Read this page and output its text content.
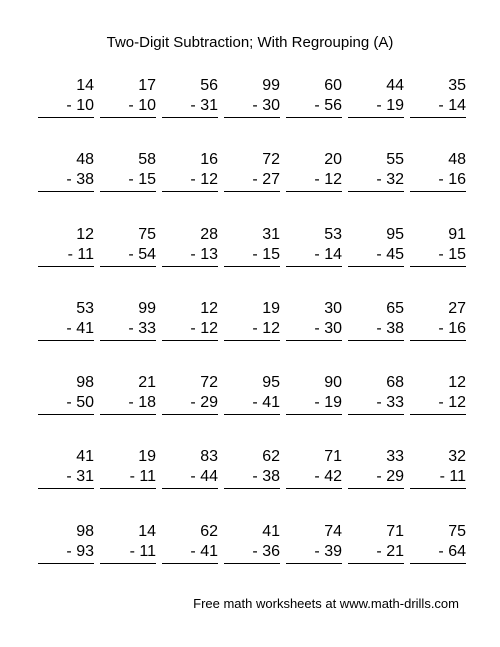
Two-Digit Subtraction; With Regrouping (A)
14
- 10
17
- 10
56
- 31
99
- 30
60
- 56
44
- 19
35
- 14
48
- 38
58
- 15
16
- 12
72
- 27
20
- 12
55
- 32
48
- 16
12
- 11
75
- 54
28
- 13
31
- 15
53
- 14
95
- 45
91
- 15
53
- 41
99
- 33
12
- 12
19
- 12
30
- 30
65
- 38
27
- 16
98
- 50
21
- 18
72
- 29
95
- 41
90
- 19
68
- 33
12
- 12
41
- 31
19
- 11
83
- 44
62
- 38
71
- 42
33
- 29
32
- 11
98
- 93
14
- 11
62
- 41
41
- 36
74
- 39
71
- 21
75
- 64
Free math worksheets at www.math-drills.com
